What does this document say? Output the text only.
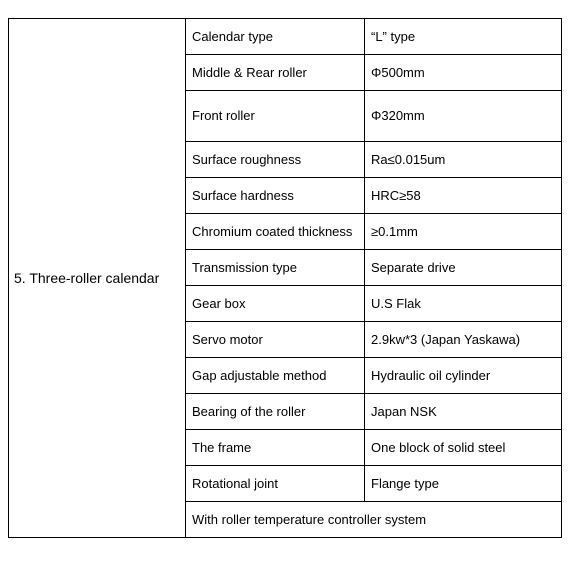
5. Three-roller calendar	Calendar type	“L” type
	Middle & Rear roller	Φ500mm
	Front roller	Φ320mm
	Surface roughness	Ra≤0.015um
	Surface hardness	HRC≥58
	Chromium coated thickness	≥0.1mm
	Transmission type	Separate drive
	Gear box	U.S Flak
	Servo motor	2.9kw*3 (Japan Yaskawa)
	Gap adjustable method	Hydraulic oil cylinder
	Bearing of the roller	Japan NSK
	The frame	One block of solid steel
	Rotational joint	Flange type
	With roller temperature controller system	
